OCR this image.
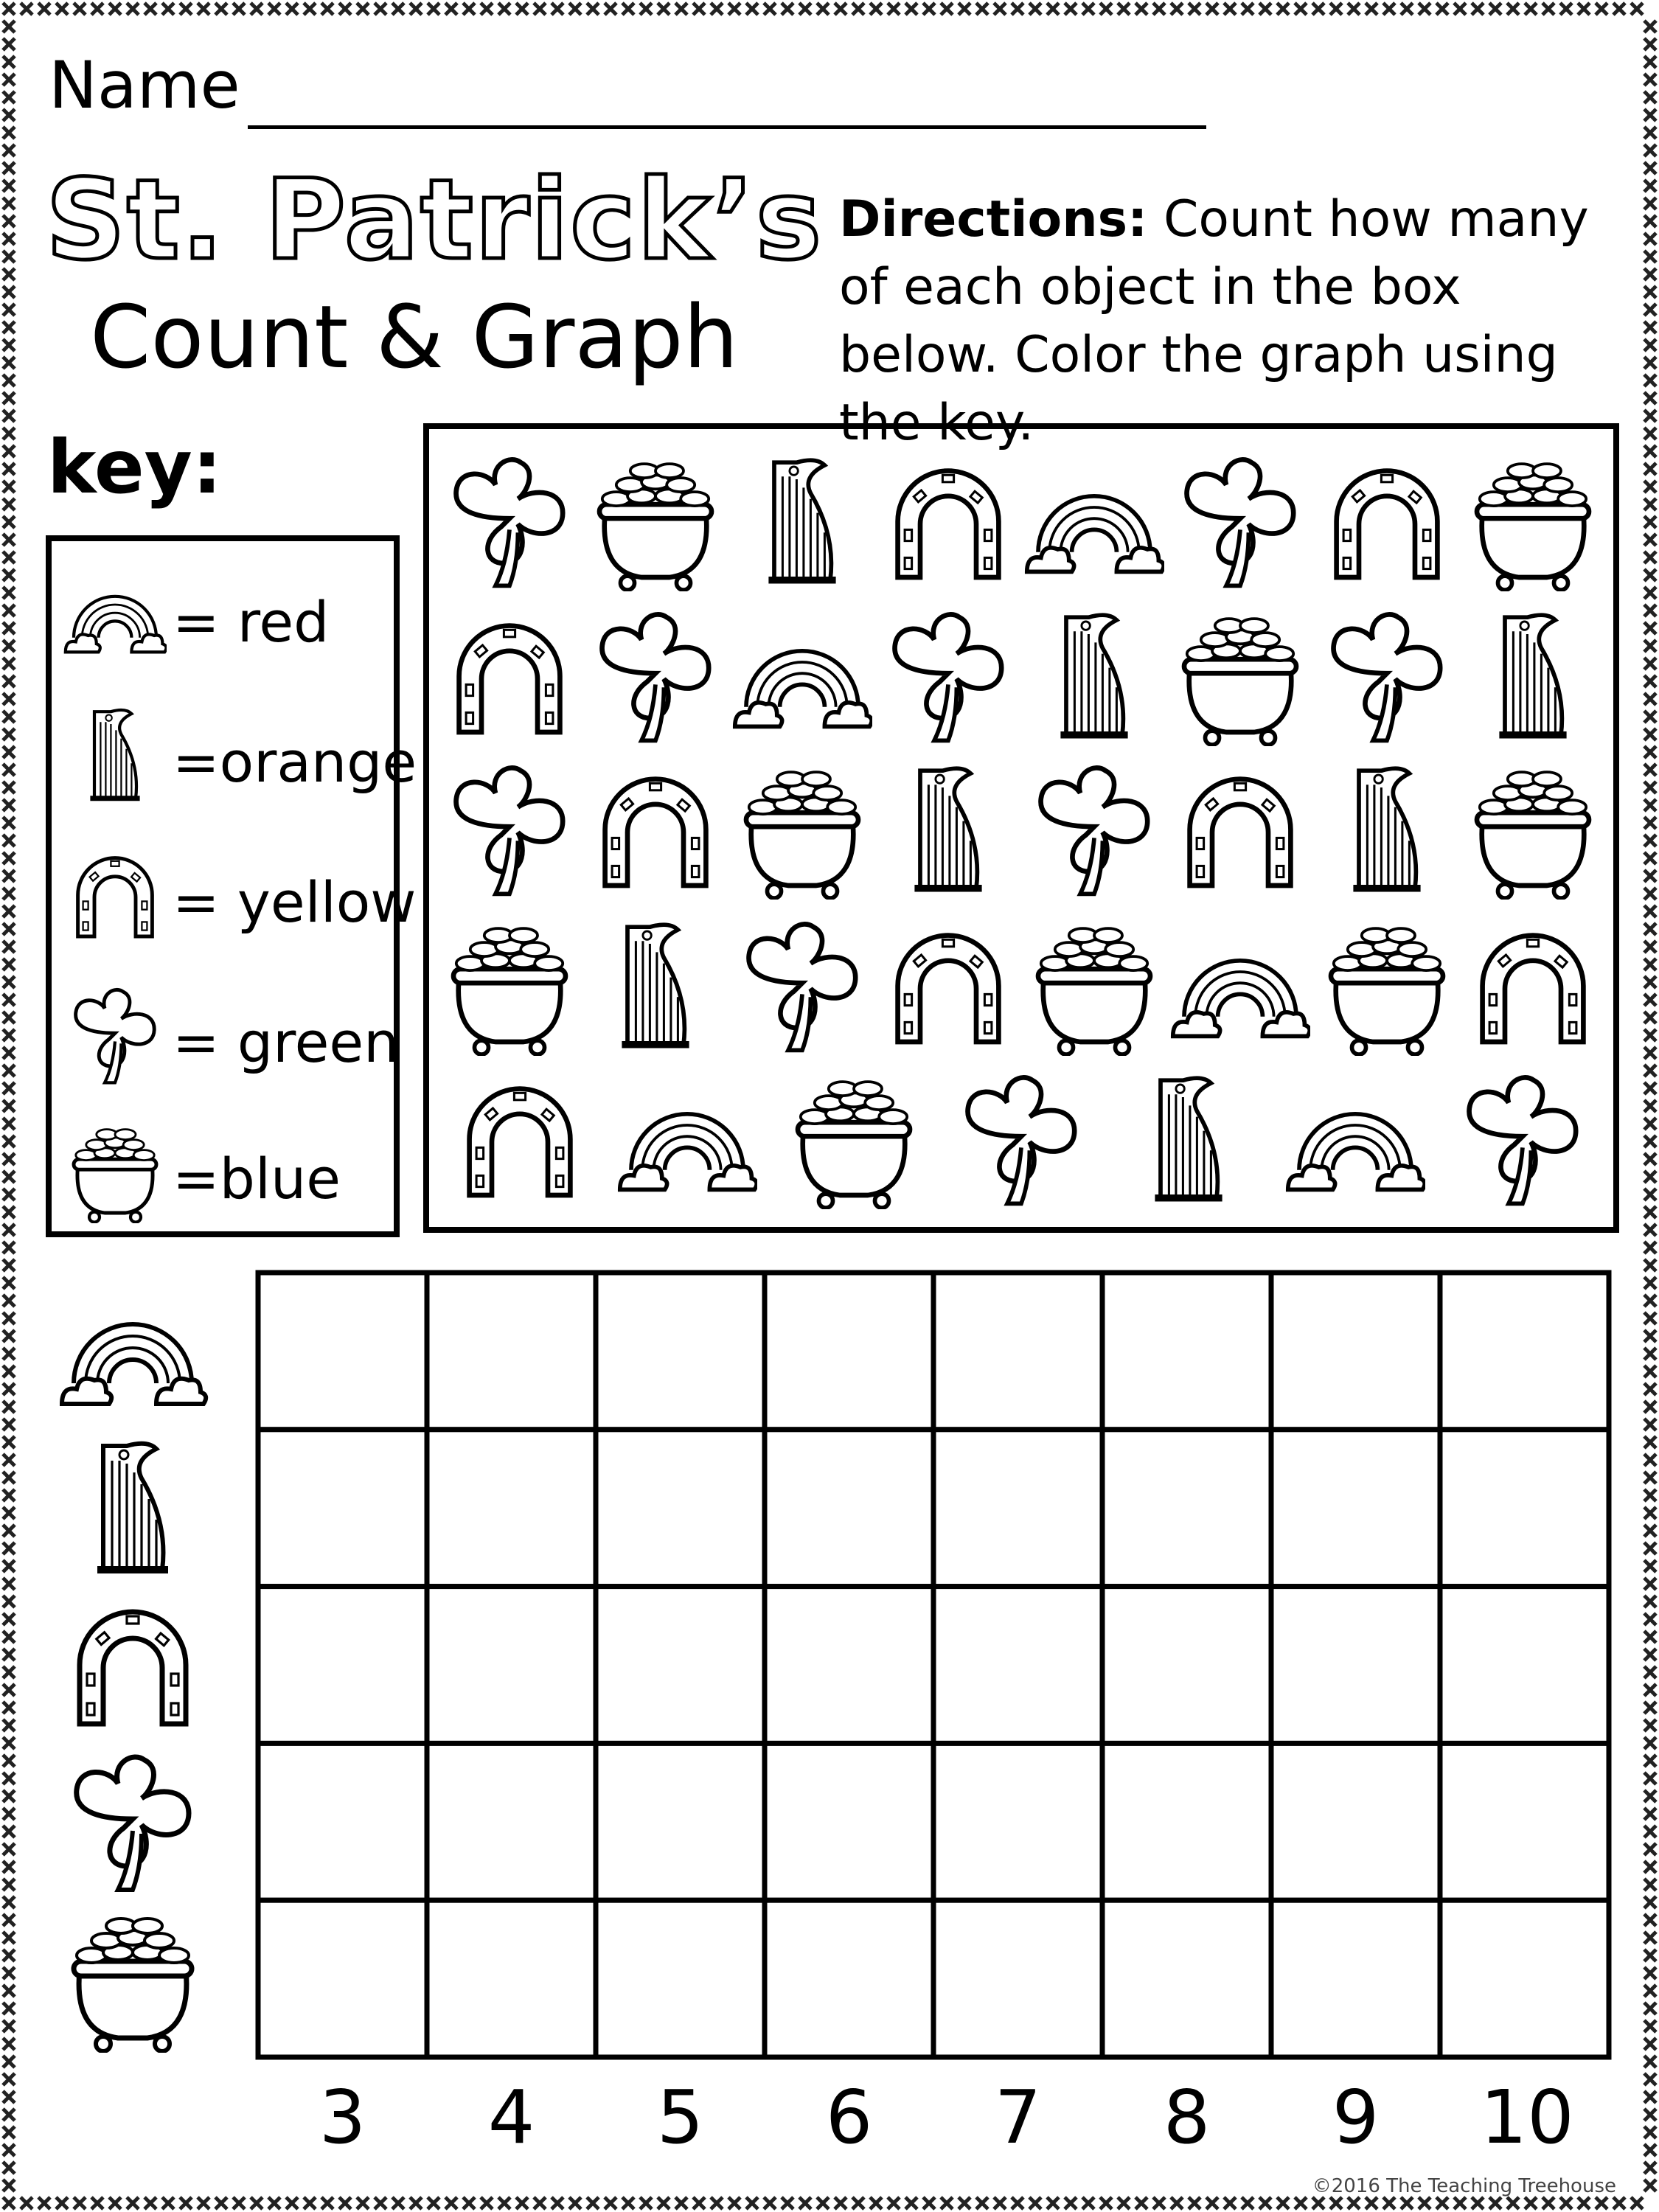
Name
St. Patrick’s
Count & Graph
Directions: Count how many of each object in the box below. Color the graph using the key.
key:
= red
=orange
= yellow
= green
=blue
3 4 5 6 7 8 9 10
©2016 The Teaching Treehouse
